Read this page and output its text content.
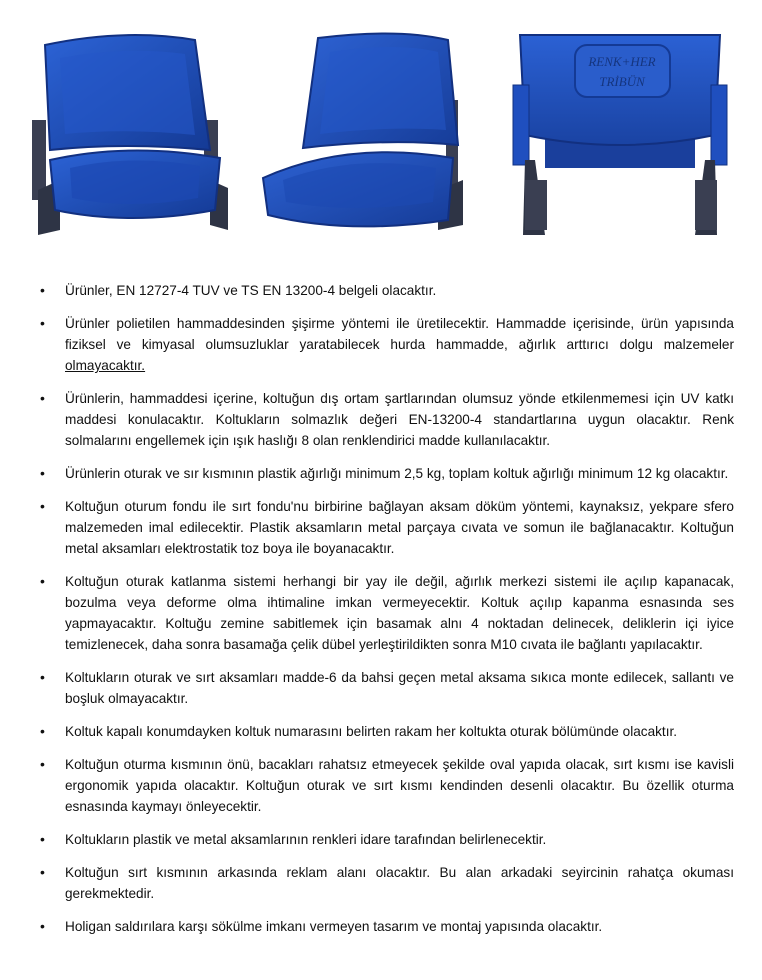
RENK+HER
TRİBÜN
• Ürünler, EN 12727-4 TUV ve TS EN 13200-4 belgeli olacaktır.
• Ürünler polietilen hammaddesinden şişirme yöntemi ile üretilecektir. Hammadde içerisinde, ürün yapısında fiziksel ve kimyasal olumsuzluklar yaratabilecek hurda hammadde, ağırlık arttırıcı dolgu malzemeler olmayacaktır.
• Ürünlerin, hammaddesi içerine, koltuğun dış ortam şartlarından olumsuz yönde etkilenmemesi için UV katkı maddesi konulacaktır. Koltukların solmazlık değeri EN-13200-4 standartlarına uygun olacaktır. Renk solmalarını engellemek için ışık haslığı 8 olan renklendirici madde kullanılacaktır.
• Ürünlerin oturak ve sır kısmının plastik ağırlığı minimum 2,5 kg, toplam koltuk ağırlığı minimum 12 kg olacaktır.
• Koltuğun oturum fondu ile sırt fondu'nu birbirine bağlayan aksam döküm yöntemi, kaynaksız, yekpare sfero malzemeden imal edilecektir. Plastik aksamların metal parçaya cıvata ve somun ile bağlanacaktır. Koltuğun metal aksamları elektrostatik toz boya ile boyanacaktır.
• Koltuğun oturak katlanma sistemi herhangi bir yay ile değil, ağırlık merkezi sistemi ile açılıp kapanacak, bozulma veya deforme olma ihtimaline imkan vermeyecektir. Koltuk açılıp kapanma esnasında ses yapmayacaktır. Koltuğu zemine sabitlemek için basamak alnı 4 noktadan delinecek, deliklerin içi iyice temizlenecek, daha sonra basamağa çelik dübel yerleştirildikten sonra M10 cıvata ile bağlantı yapılacaktır.
• Koltukların oturak ve sırt aksamları madde-6 da bahsi geçen metal aksama sıkıca monte edilecek, sallantı ve boşluk olmayacaktır.
• Koltuk kapalı konumdayken koltuk numarasını belirten rakam her koltukta oturak bölümünde olacaktır.
• Koltuğun oturma kısmının önü, bacakları rahatsız etmeyecek şekilde oval yapıda olacak, sırt kısmı ise kavisli ergonomik yapıda olacaktır. Koltuğun oturak ve sırt kısmı kendinden desenli olacaktır. Bu özellik oturma esnasında kaymayı önleyecektir.
• Koltukların plastik ve metal aksamlarının renkleri idare tarafından belirlenecektir.
• Koltuğun sırt kısmının arkasında reklam alanı olacaktır. Bu alan arkadaki seyircinin rahatça okuması gerekmektedir.
• Holigan saldırılara karşı sökülme imkanı vermeyen tasarım ve montaj yapısında olacaktır.
